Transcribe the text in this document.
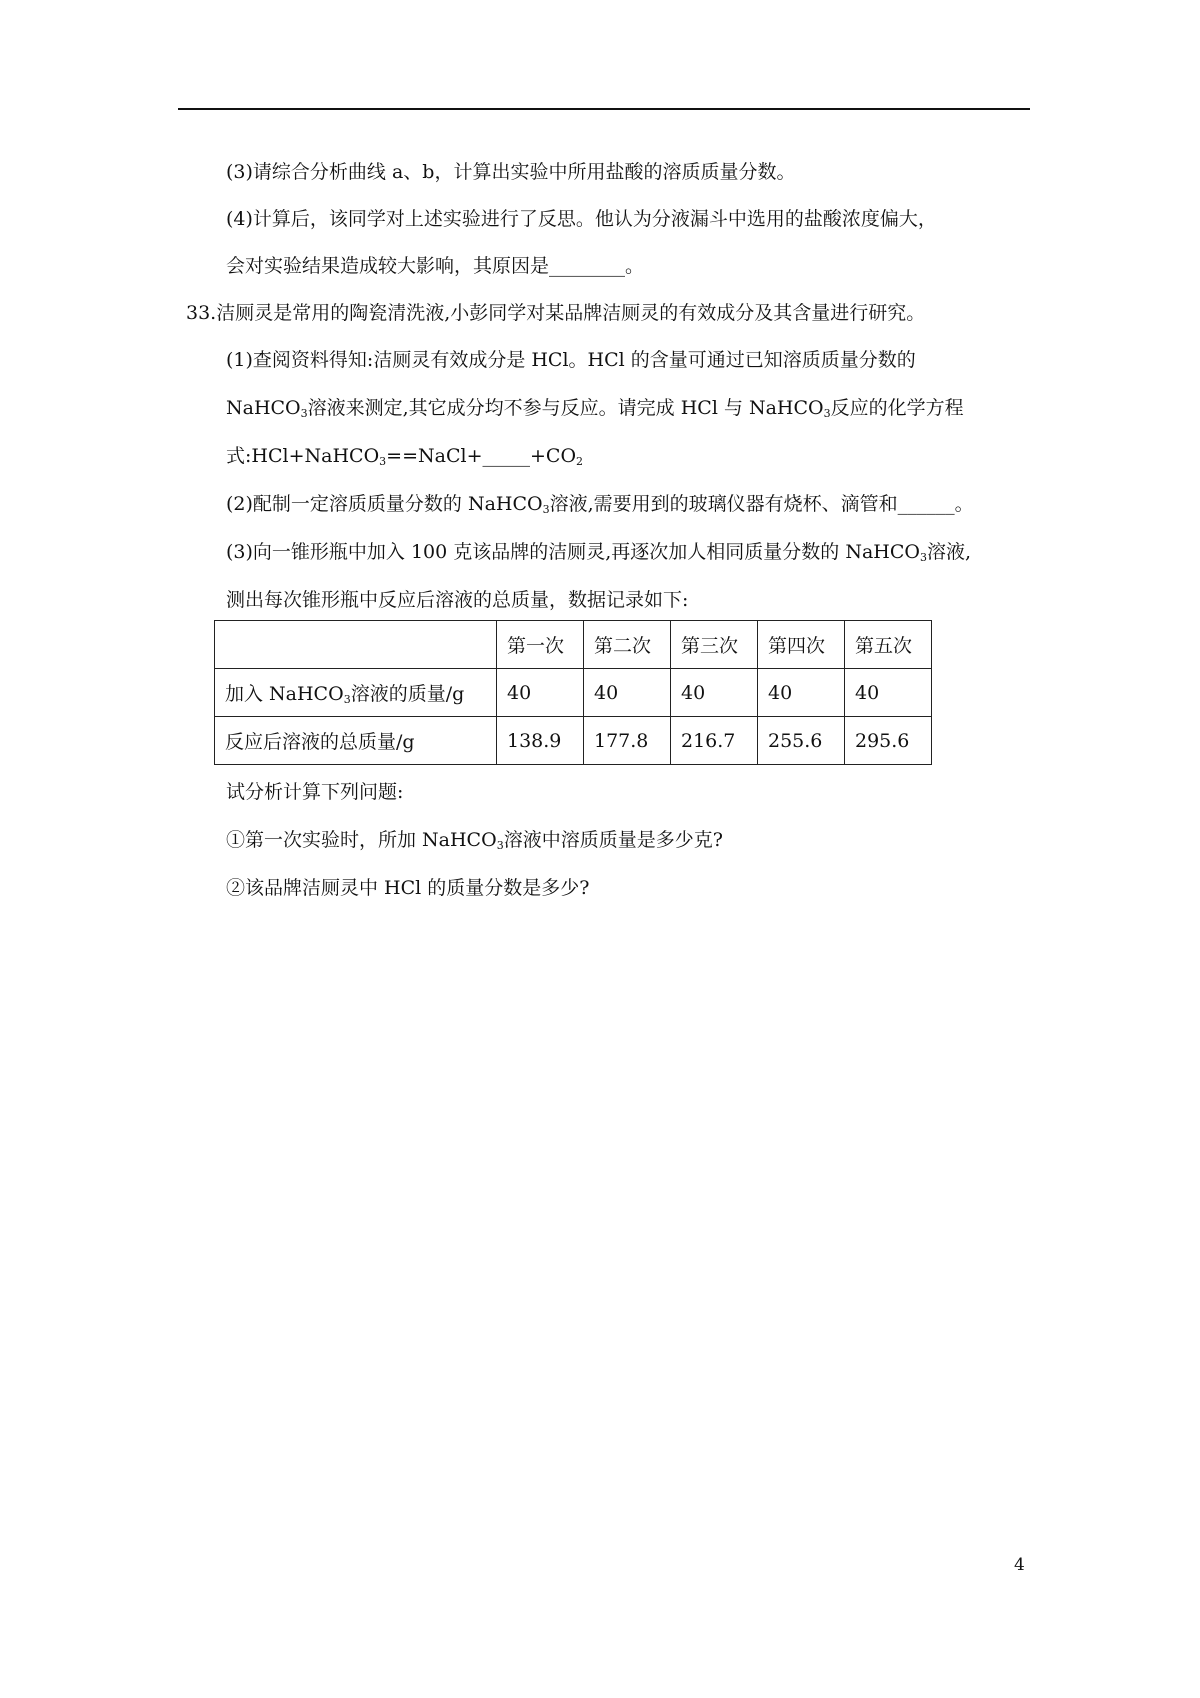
(3)请综合分析曲线 a、b，计算出实验中所用盐酸的溶质质量分数。
(4)计算后，该同学对上述实验进行了反思。他认为分液漏斗中选用的盐酸浓度偏大，
会对实验结果造成较大影响，其原因是________。
33.洁厕灵是常用的陶瓷清洗液,小彭同学对某品牌洁厕灵的有效成分及其含量进行研究。
(1)查阅资料得知:洁厕灵有效成分是 HCl。HCl 的含量可通过已知溶质质量分数的
NaHCO$_3$溶液来测定,其它成分均不参与反应。请完成 HCl 与 NaHCO$_3$反应的化学方程
式$:HCl+NaHCO_3==NaCl+\_\_\_\_\_+CO_2$
(2)配制一定溶质质量分数的 NaHCO$_3$溶液,需要用到的玻璃仪器有烧杯、滴管和______。
(3)向一锥形瓶中加入 100 克该品牌的洁厕灵,再逐次加人相同质量分数的 NaHCO$_3$溶液,
测出每次锥形瓶中反应后溶液的总质量，数据记录如下:
	第一次	第二次	第三次	第四次	第五次
加入 NaHCO$_3$溶液的质量/g	40	40	40	40	40
反应后溶液的总质量/g	138.9	177.8	216.7	255.6	295.6
试分析计算下列问题:
①第一次实验时，所加 NaHCO$_3$溶液中溶质质量是多少克?
②该品牌洁厕灵中 HCl 的质量分数是多少?
4
